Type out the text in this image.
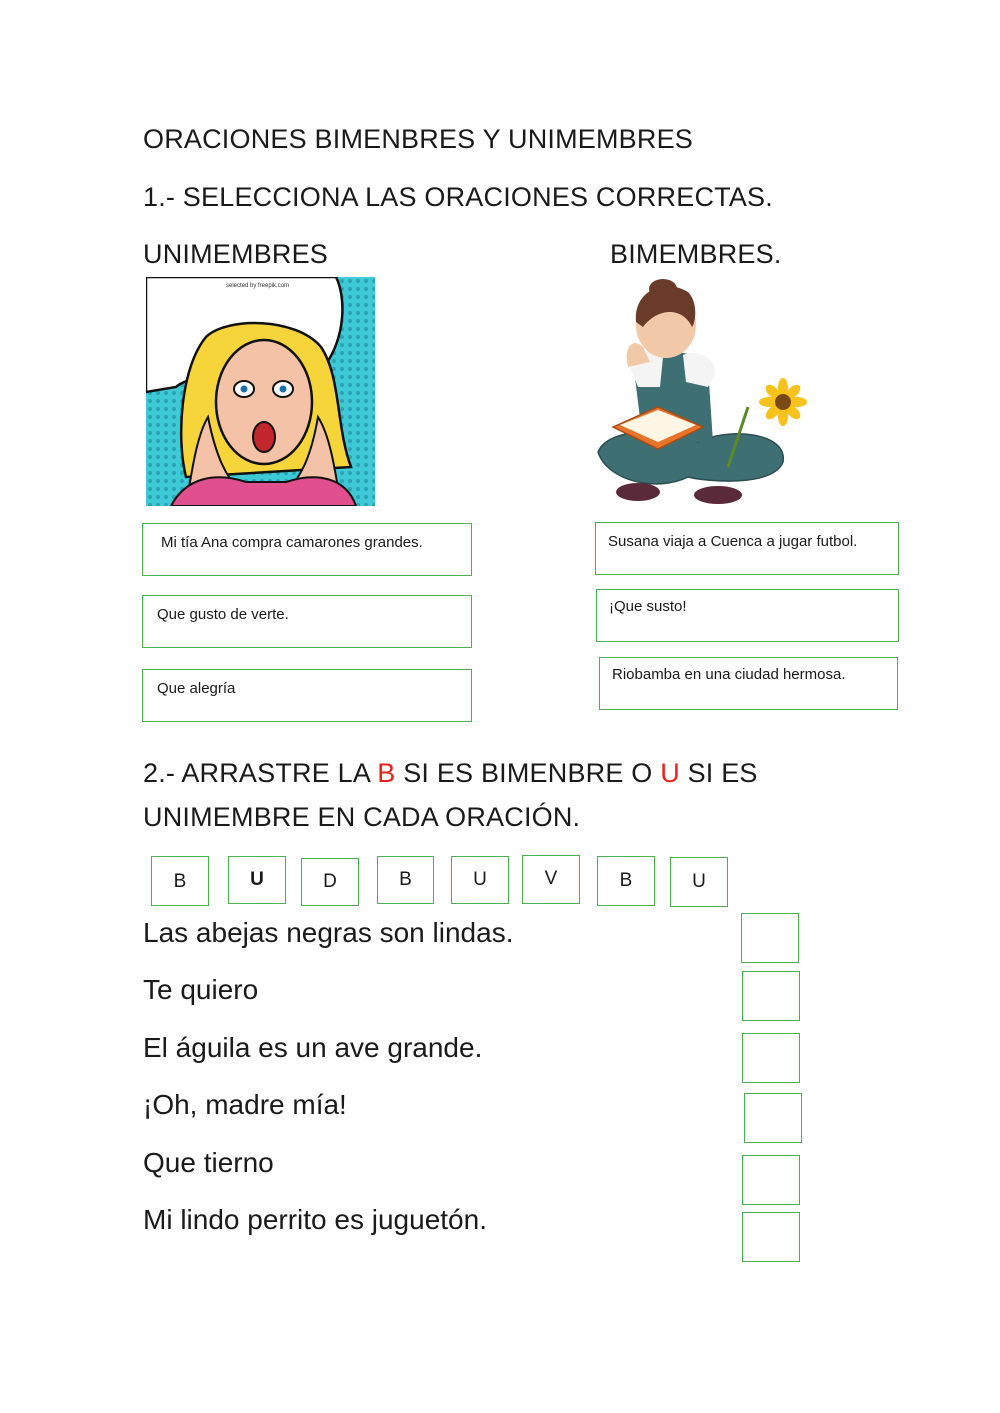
ORACIONES BIMENBRES Y UNIMEMBRES
1.- SELECCIONA LAS ORACIONES CORRECTAS.
UNIMEMBRES	BIMEMBRES.
selected by freepik.com
Mi tía Ana compra camarones grandes.
Que gusto de verte.
Que alegría
Susana viaja a Cuenca a jugar futbol.
¡Que susto!
Riobamba en una ciudad hermosa.
2.- ARRASTRE LA B SI ES BIMENBRE O U SI ES
UNIMEMBRE EN CADA ORACIÓN.
B	U	D	B	U	V	B	U
Las abejas negras son lindas.
Te quiero
El águila es un ave grande.
¡Oh, madre mía!
Que tierno
Mi lindo perrito es juguetón.
